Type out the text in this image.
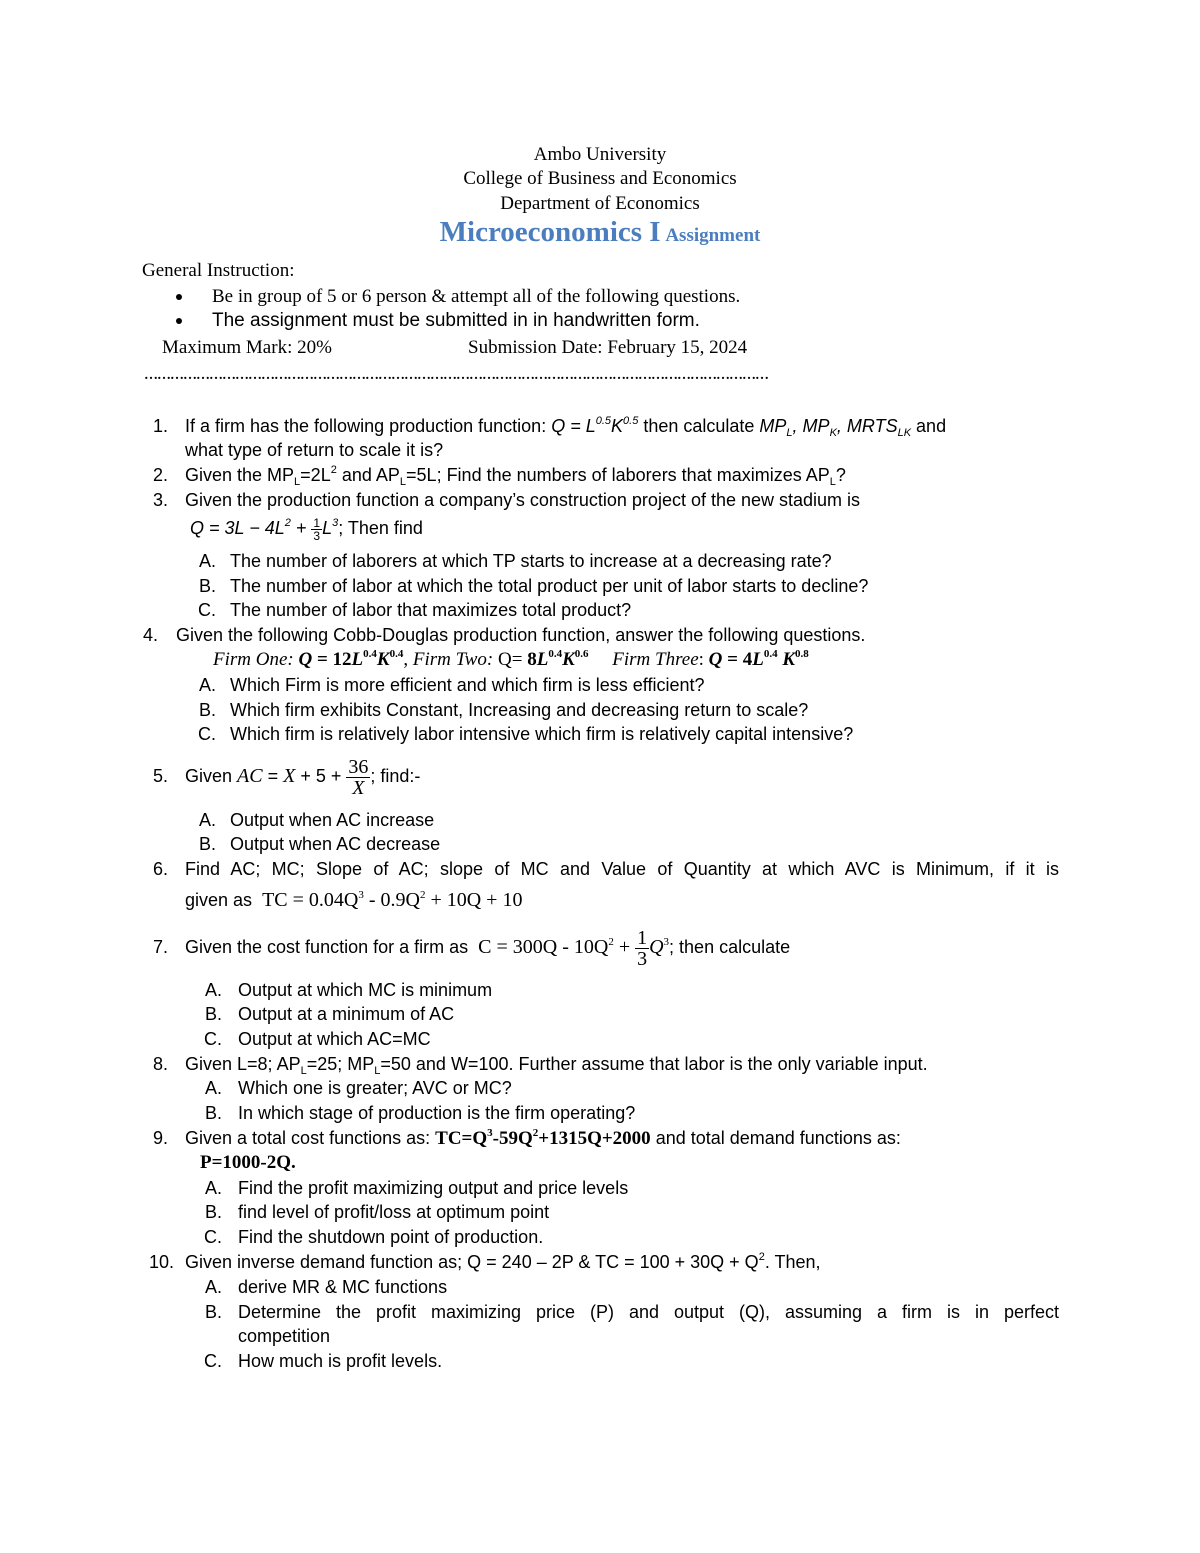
Ambo University
College of Business and Economics
Department of Economics
Microeconomics I Assignment
General Instruction:
Be in group of 5 or 6 person & attempt all of the following questions.
The assignment must be submitted in in handwritten form.
Maximum Mark: 20%	Submission Date: February 15, 2024
………………………………………………………………………………………………………………………………
1. If a firm has the following production function: $Q = L^{0.5}K^{0.5}$ then calculate $MP_L$, $MP_K$, $MRTS_{LK}$ and
what type of return to scale it is?
2. Given the $MP_L=2L^2$ and $AP_L=5L$; Find the numbers of laborers that maximizes $AP_L$?
3. Given the production function a company’s construction project of the new stadium is
$Q = 3L - 4L^2 + \frac{1}{3} L^3$; Then find
A. The number of laborers at which TP starts to increase at a decreasing rate?
B. The number of labor at which the total product per unit of labor starts to decline?
C. The number of labor that maximizes total product?
4. Given the following Cobb-Douglas production function, answer the following questions.
Firm One: $Q = 12L^{0.4}K^{0.4}$, Firm Two: $Q= 8L^{0.4}K^{0.6}$ Firm Three: $Q = 4L^{0.4}$ $K^{0.8}$
A. Which Firm is more efficient and which firm is less efficient?
B. Which firm exhibits Constant, Increasing and decreasing return to scale?
C. Which firm is relatively labor intensive which firm is relatively capital intensive?
5. Given AC = $X + 5 + \frac{36}{X}$ ; find:-
A. Output when AC increase
B. Output when AC decrease
6. Find AC; MC; Slope of AC; slope of MC and Value of Quantity at which AVC is Minimum, if it is
given as  TC = $0.04Q^3 - 0.9Q^2 + 10Q + 10$
7. Given the cost function for a firm as  $C = 300Q - 10Q^2 + \frac{1}{3} Q^3$; then calculate
A. Output at which MC is minimum
B. Output at a minimum of AC
C. Output at which AC=MC
8. Given L=8; $AP_L=25$; $MP_L=50$ and W=100. Further assume that labor is the only variable input.
A. Which one is greater; AVC or MC?
B. In which stage of production is the firm operating?
9. Given a total cost functions as: $TC=Q^3-59Q^2+1315Q+2000$ and total demand functions as:
P=1000-2Q.
A. Find the profit maximizing output and price levels
B. find level of profit/loss at optimum point
C. Find the shutdown point of production.
10. Given inverse demand function as; Q = 240 – 2P & TC = $100 + 30Q + Q^2$. Then,
A. derive MR & MC functions
B. Determine the profit maximizing price (P) and output (Q), assuming a firm is in perfect
competition
C. How much is profit levels.
